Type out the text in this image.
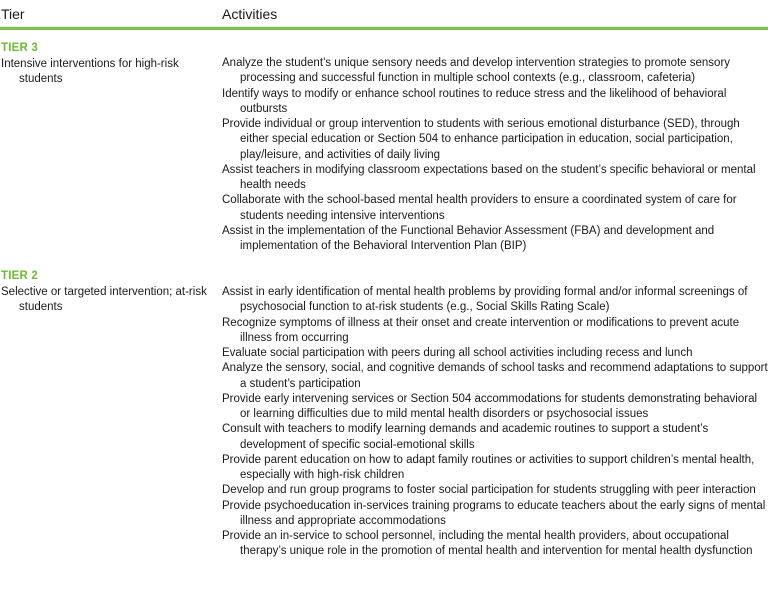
Tier	Activities
TIER 3
Intensive interventions for high-risk students
Analyze the student’s unique sensory needs and develop intervention strategies to promote sensory processing and successful function in multiple school contexts (e.g., classroom, cafeteria)
Identify ways to modify or enhance school routines to reduce stress and the likelihood of behavioral outbursts
Provide individual or group intervention to students with serious emotional disturbance (SED), through either special education or Section 504 to enhance participation in education, social participation, play/leisure, and activities of daily living
Assist teachers in modifying classroom expectations based on the student’s specific behavioral or mental health needs
Collaborate with the school-based mental health providers to ensure a coordinated system of care for students needing intensive interventions
Assist in the implementation of the Functional Behavior Assessment (FBA) and development and implementation of the Behavioral Intervention Plan (BIP)
TIER 2
Selective or targeted intervention; at-risk students
Assist in early identification of mental health problems by providing formal and/or informal screenings of psychosocial function to at-risk students (e.g., Social Skills Rating Scale)
Recognize symptoms of illness at their onset and create intervention or modifications to prevent acute illness from occurring
Evaluate social participation with peers during all school activities including recess and lunch
Analyze the sensory, social, and cognitive demands of school tasks and recommend adaptations to support a student’s participation
Provide early intervening services or Section 504 accommodations for students demonstrating behavioral or learning difficulties due to mild mental health disorders or psychosocial issues
Consult with teachers to modify learning demands and academic routines to support a student’s development of specific social-emotional skills
Provide parent education on how to adapt family routines or activities to support children’s mental health, especially with high-risk children
Develop and run group programs to foster social participation for students struggling with peer interaction
Provide psychoeducation in-services training programs to educate teachers about the early signs of mental illness and appropriate accommodations
Provide an in-service to school personnel, including the mental health providers, about occupational therapy’s unique role in the promotion of mental health and intervention for mental health dysfunction
